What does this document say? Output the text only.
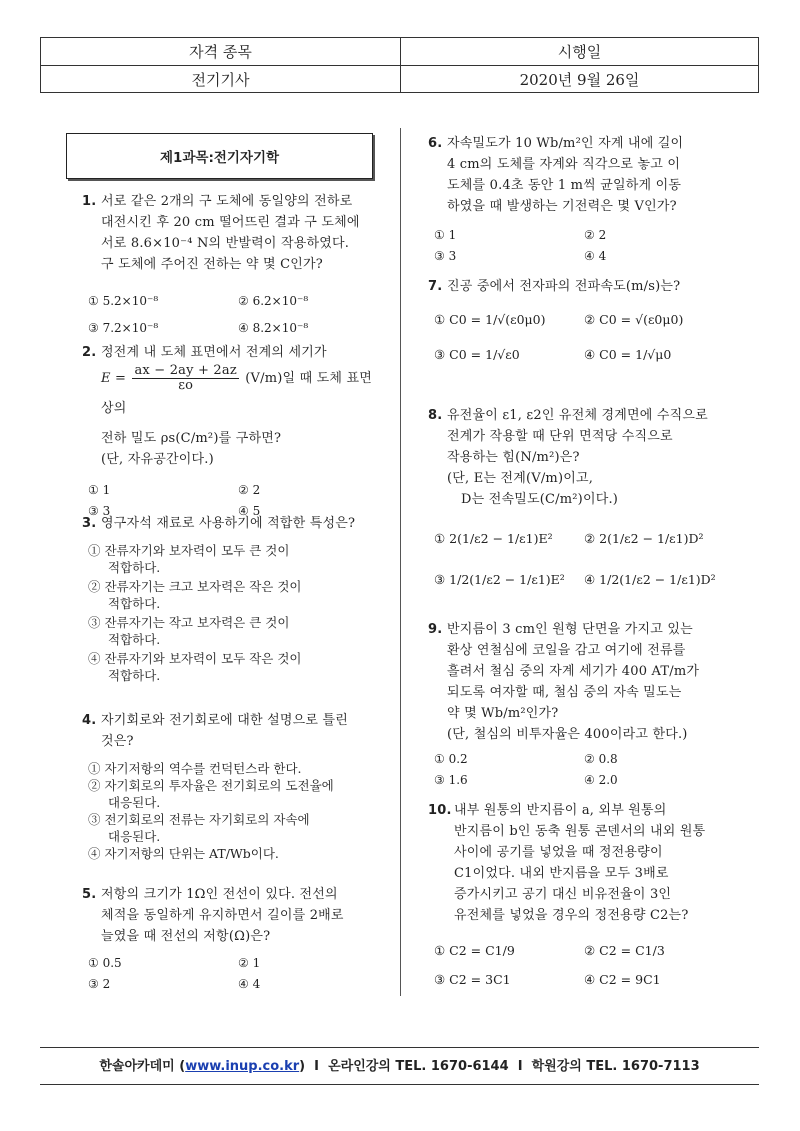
자격 종목	시행일
전기기사	2020년 9월 26일
제1과목:전기자기학
1. 서로 같은 2개의 구 도체에 동일양의 전하로
대전시킨 후 20 cm 떨어뜨린 결과 구 도체에
서로 8.6×10⁻⁴ N의 반발력이 작용하였다.
구 도체에 주어진 전하는 약 몇 C인가?
① 5.2×10⁻⁸	② 6.2×10⁻⁸
③ 7.2×10⁻⁸	④ 8.2×10⁻⁸
2. 정전계 내 도체 표면에서 전계의 세기가
$E = \frac{ax - 2ay + 2az}{\varepsilon o} (V/m)$일 때 도체 표면상의
전하 밀도 ρs(C/m²)를 구하면?
(단, 자유공간이다.)
① 1	② 2
③ 3	④ 5
3. 영구자석 재료로 사용하기에 적합한 특성은?
① 잔류자기와 보자력이 모두 큰 것이
적합하다.
② 잔류자기는 크고 보자력은 작은 것이
적합하다.
③ 잔류자기는 작고 보자력은 큰 것이
적합하다.
④ 잔류자기와 보자력이 모두 작은 것이
적합하다.
4. 자기회로와 전기회로에 대한 설명으로 틀린
것은?
① 자기저항의 역수를 컨덕턴스라 한다.
② 자기회로의 투자율은 전기회로의 도전율에
대응된다.
③ 전기회로의 전류는 자기회로의 자속에
대응된다.
④ 자기저항의 단위는 AT/Wb이다.
5. 저항의 크기가 1Ω인 전선이 있다. 전선의
체적을 동일하게 유지하면서 길이를 2배로
늘였을 때 전선의 저항(Ω)은?
① 0.5	② 1
③ 2	④ 4
6. 자속밀도가 10 Wb/m²인 자계 내에 길이
4 cm의 도체를 자계와 직각으로 놓고 이
도체를 0.4초 동안 1 m씩 균일하게 이동
하였을 때 발생하는 기전력은 몇 V인가?
① 1	② 2
③ 3	④ 4
7. 진공 중에서 전자파의 전파속도(m/s)는?
① C0 = 1/√(ε0μ0)	② C0 = √(ε0μ0)
③ C0 = 1/√ε0	④ C0 = 1/√μ0
8. 유전율이 ε1, ε2인 유전체 경계면에 수직으로
전계가 작용할 때 단위 면적당 수직으로
작용하는 힘(N/m²)은?
(단, E는 전계(V/m)이고,
D는 전속밀도(C/m²)이다.)
① 2(1/ε2 − 1/ε1)E²	② 2(1/ε2 − 1/ε1)D²
③ 1/2(1/ε2 − 1/ε1)E²	④ 1/2(1/ε2 − 1/ε1)D²
9. 반지름이 3 cm인 원형 단면을 가지고 있는
환상 연철심에 코일을 감고 여기에 전류를
흘려서 철심 중의 자계 세기가 400 AT/m가
되도록 여자할 때, 철심 중의 자속 밀도는
약 몇 Wb/m²인가?
(단, 철심의 비투자율은 400이라고 한다.)
① 0.2	② 0.8
③ 1.6	④ 2.0
10. 내부 원통의 반지름이 a, 외부 원통의
반지름이 b인 동축 원통 콘덴서의 내외 원통
사이에 공기를 넣었을 때 정전용량이
C1이었다. 내외 반지름을 모두 3배로
증가시키고 공기 대신 비유전율이 3인
유전체를 넣었을 경우의 정전용량 C2는?
① C2 = C1/9	② C2 = C1/3
③ C2 = 3C1	④ C2 = 9C1
한솔아카데미 (www.inup.co.kr)  I 온라인강의 TEL. 1670-6144 I 학원강의 TEL. 1670-7113
